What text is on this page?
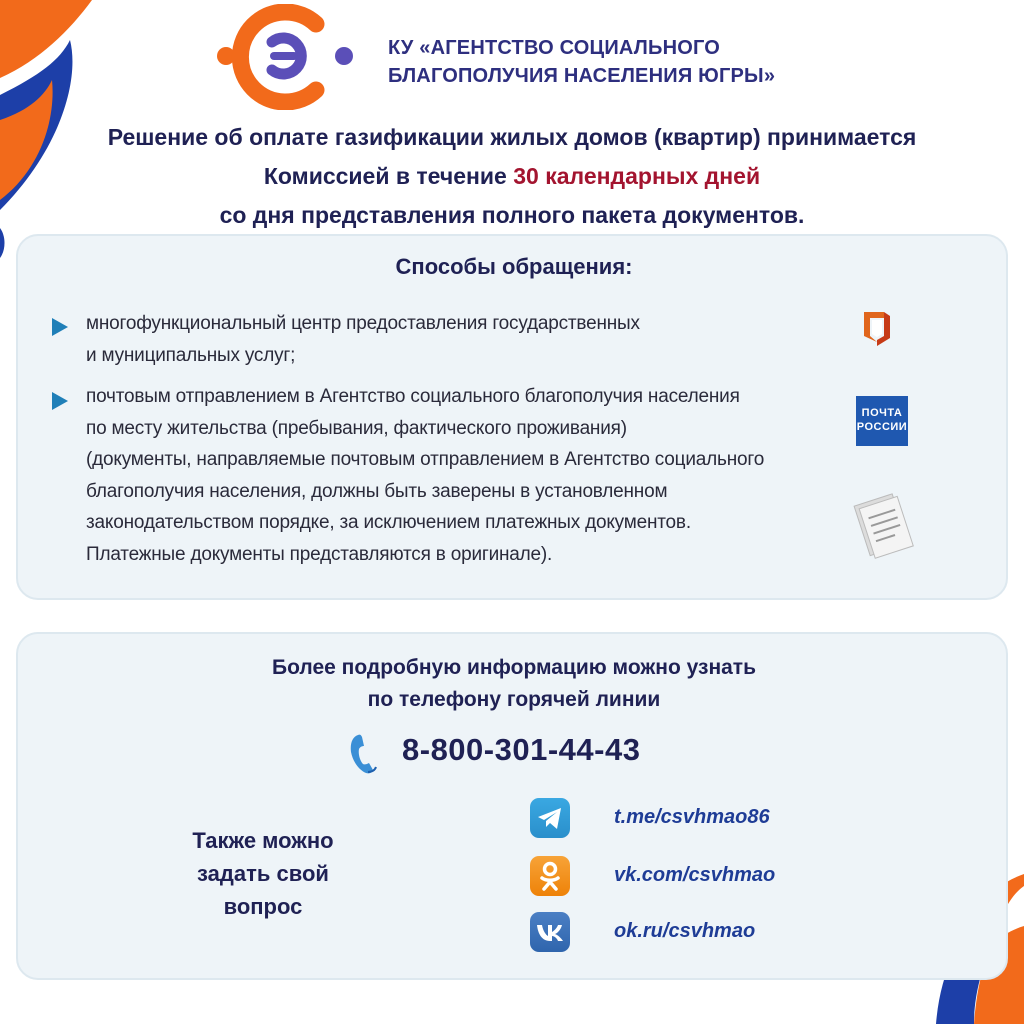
КУ «АГЕНТСТВО СОЦИАЛЬНОГО
БЛАГОПОЛУЧИЯ НАСЕЛЕНИЯ ЮГРЫ»
Решение об оплате газификации жилых домов (квартир) принимается
Комиссией в течение 30 календарных дней
со дня представления полного пакета документов.
Способы обращения:
многофункциональный центр предоставления государственных
и муниципальных услуг;
почтовым отправлением в Агентство социального благополучия населения
по месту жительства (пребывания, фактического проживания)
(документы, направляемые почтовым отправлением в Агентство социального
благополучия населения, должны быть заверены в установленном
законодательством порядке, за исключением платежных документов.
Платежные документы представляются в оригинале).
ПОЧТА
РОССИИ
Более подробную информацию можно узнать
по телефону горячей линии
8-800-301-44-43
Также можно
задать свой
вопрос
t.me/csvhmao86
vk.com/csvhmao
ok.ru/csvhmao
